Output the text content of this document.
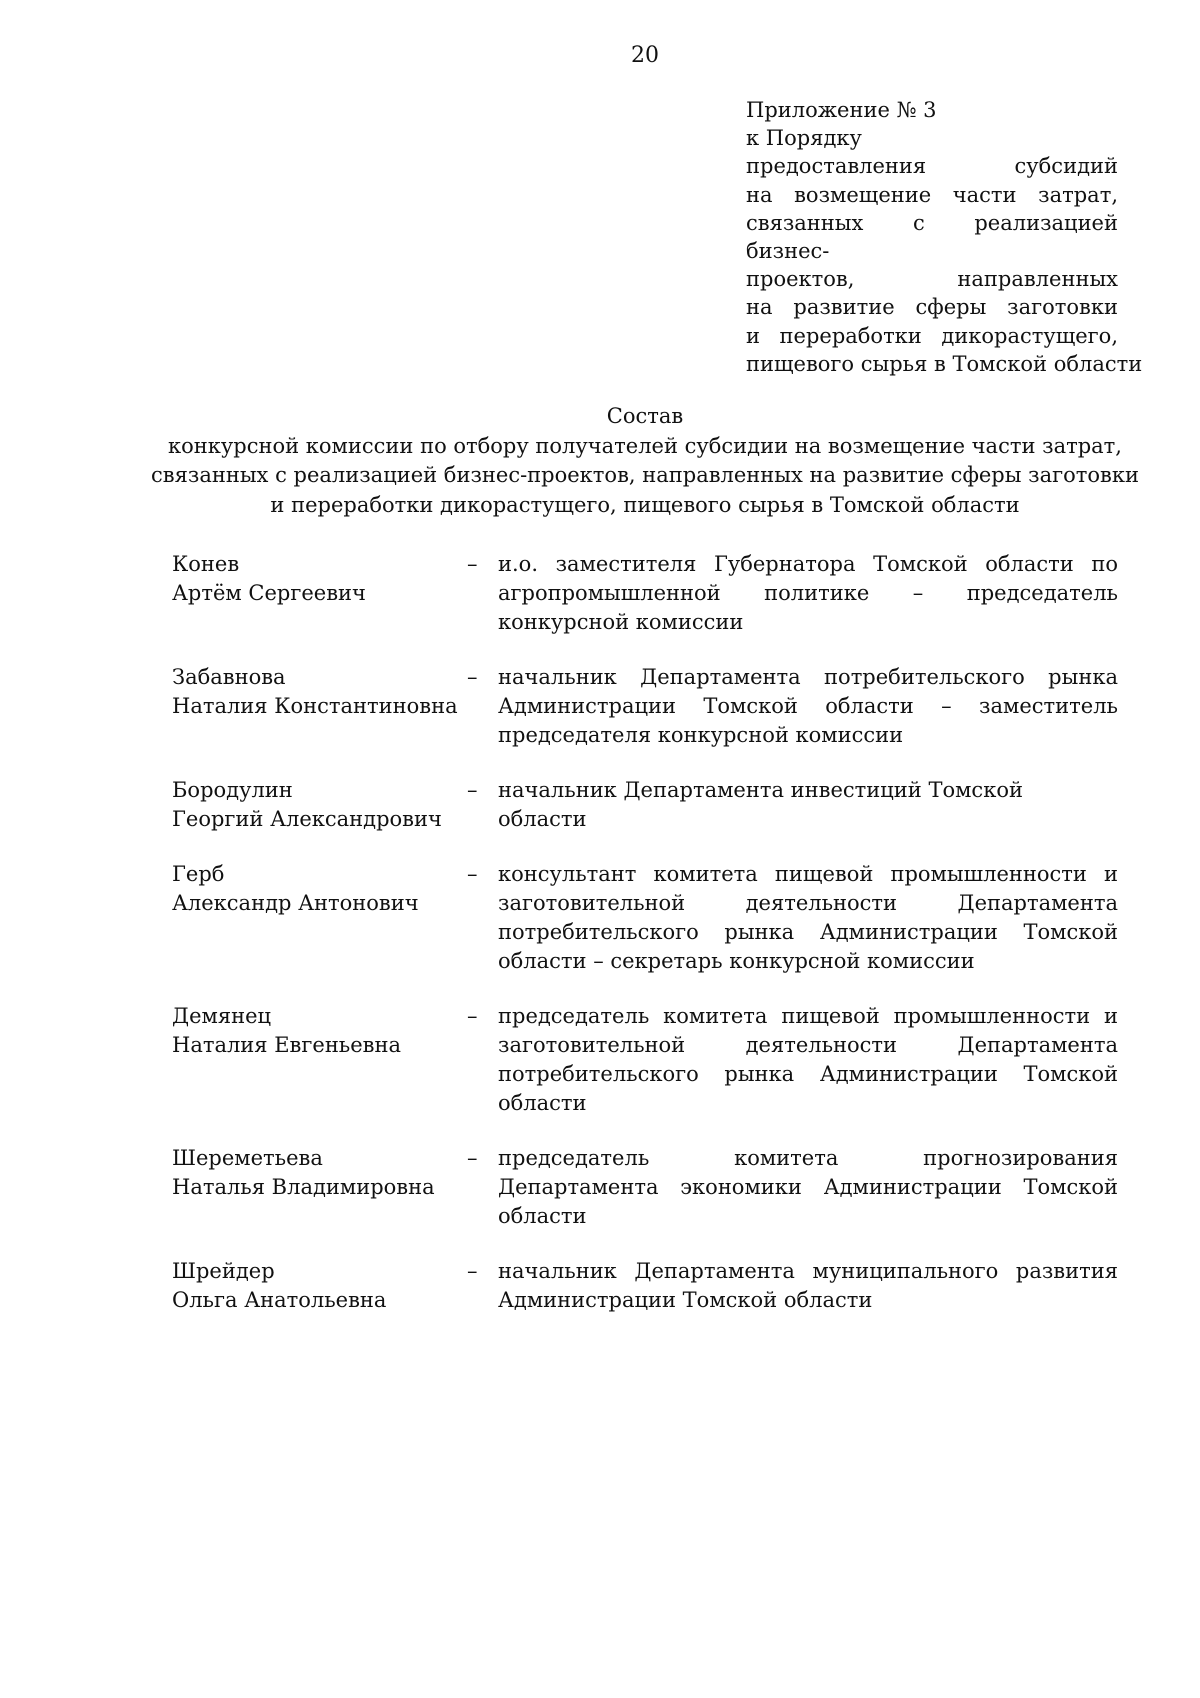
20
Приложение № 3
к Порядку
предоставления субсидий
на возмещение части затрат,
связанных с реализацией бизнес-
проектов, направленных
на развитие сферы заготовки
и переработки дикорастущего,
пищевого сырья в Томской области
Состав
конкурсной комиссии по отбору получателей субсидии на возмещение части затрат,
связанных с реализацией бизнес-проектов, направленных на развитие сферы заготовки
и переработки дикорастущего, пищевого сырья в Томской области
Конев
Артём Сергеевич
– и.о. заместителя Губернатора Томской области по агропромышленной политике – председатель конкурсной комиссии
Забавнова
Наталия Константиновна
– начальник Департамента потребительского рынка Администрации Томской области – заместитель председателя конкурсной комиссии
Бородулин
Георгий Александрович
– начальник Департамента инвестиций Томской области
Герб
Александр Антонович
– консультант комитета пищевой промышленности и заготовительной деятельности Департамента потребительского рынка Администрации Томской области – секретарь конкурсной комиссии
Демянец
Наталия Евгеньевна
– председатель комитета пищевой промышленности и заготовительной деятельности Департамента потребительского рынка Администрации Томской области
Шереметьева
Наталья Владимировна
– председатель комитета прогнозирования Департамента экономики Администрации Томской области
Шрейдер
Ольга Анатольевна
– начальник Департамента муниципального развития Администрации Томской области
